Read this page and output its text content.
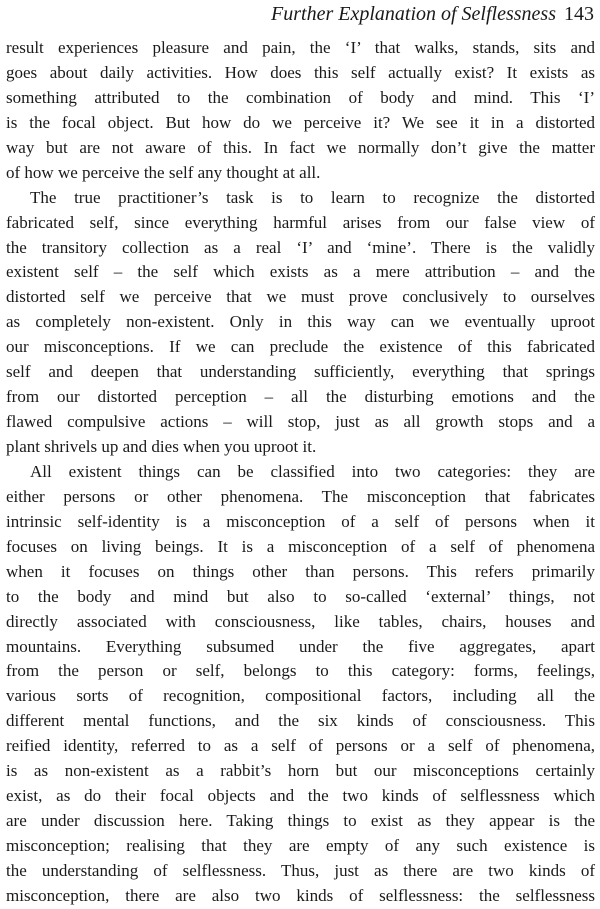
Further Explanation of Selflessness 143
result experiences pleasure and pain, the ‘I’ that walks, stands, sits and
goes about daily activities. How does this self actually exist? It exists as
something attributed to the combination of body and mind. This ‘I’
is the focal object. But how do we perceive it? We see it in a distorted
way but are not aware of this. In fact we normally don’t give the matter
of how we perceive the self any thought at all.
The true practitioner’s task is to learn to recognize the distorted
fabricated self, since everything harmful arises from our false view of
the transitory collection as a real ‘I’ and ‘mine’. There is the validly
existent self – the self which exists as a mere attribution – and the
distorted self we perceive that we must prove conclusively to ourselves
as completely non-existent. Only in this way can we eventually uproot
our misconceptions. If we can preclude the existence of this fabricated
self and deepen that understanding sufficiently, everything that springs
from our distorted perception – all the disturbing emotions and the
flawed compulsive actions – will stop, just as all growth stops and a
plant shrivels up and dies when you uproot it.
All existent things can be classified into two categories: they are
either persons or other phenomena. The misconception that fabricates
intrinsic self-identity is a misconception of a self of persons when it
focuses on living beings. It is a misconception of a self of phenomena
when it focuses on things other than persons. This refers primarily
to the body and mind but also to so-called ‘external’ things, not
directly associated with consciousness, like tables, chairs, houses and
mountains. Everything subsumed under the five aggregates, apart
from the person or self, belongs to this category: forms, feelings,
various sorts of recognition, compositional factors, including all the
different mental functions, and the six kinds of consciousness. This
reified identity, referred to as a self of persons or a self of phenomena,
is as non-existent as a rabbit’s horn but our misconceptions certainly
exist, as do their focal objects and the two kinds of selflessness which
are under discussion here. Taking things to exist as they appear is the
misconception; realising that they are empty of any such existence is
the understanding of selflessness. Thus, just as there are two kinds of
misconception, there are also two kinds of selflessness: the selflessness
